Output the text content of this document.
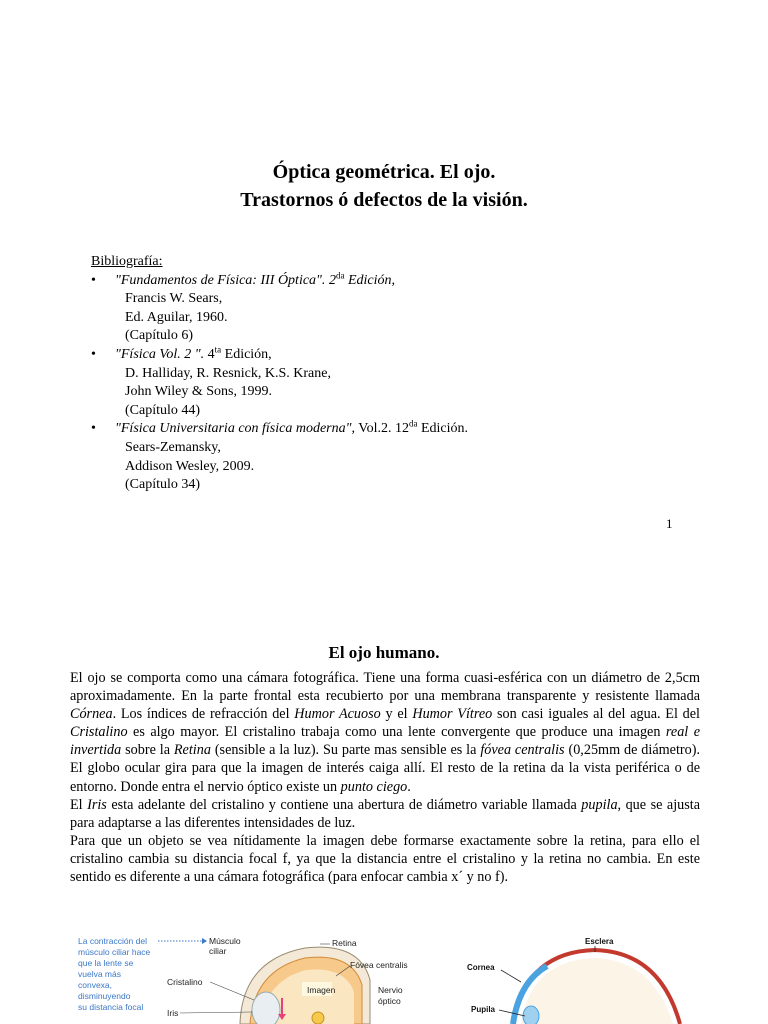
Óptica geométrica. El ojo.
Trastornos ó defectos de la visión.
Bibliografía:
•	"Fundamentos de Física: III Óptica". $2^{da}$ Edición,
Francis W. Sears,
Ed. Aguilar, 1960.
(Capítulo 6)
•	"Física Vol. 2 ". $4^{ta}$ Edición,
D. Halliday, R. Resnick, K.S. Krane,
John Wiley & Sons, 1999.
(Capítulo 44)
•	"Física Universitaria con física moderna", Vol.2. $12^{da}$ Edición.
Sears-Zemansky,
Addison Wesley, 2009.
(Capítulo 34)
1
El ojo humano.

El ojo se comporta como una cámara fotográfica. Tiene una forma cuasi-esférica con un diámetro de 2,5cm aproximadamente. En la parte frontal esta recubierto por una membrana transparente y resistente llamada Córnea. Los índices de refracción del Humor Acuoso y el Humor Vítreo son casi iguales al del agua. El del Cristalino es algo mayor. El cristalino trabaja como una lente convergente que produce una imagen real e invertida sobre la Retina (sensible a la luz). Su parte mas sensible es la fóvea centralis (0,25mm de diámetro). El globo ocular gira para que la imagen de interés caiga allí. El resto de la retina da la vista periférica o de entorno. Donde entra el nervio óptico existe un punto ciego.

El Iris esta adelante del cristalino y contiene una abertura de diámetro variable llamada pupila, que se ajusta para adaptarse a las diferentes intensidades de luz.

Para que un objeto se vea nítidamente la imagen debe formarse exactamente sobre la retina, para ello el cristalino cambia su distancia focal f, ya que la distancia entre el cristalino y la retina no cambia. En este sentido es diferente a una cámara fotográfica (para enfocar cambia x´ y no f).

La contracción del
músculo ciliar hace
que la lente se
vuelva más
convexa,
disminuyendo
su distancia focal
Músculo
ciliar
Retina
Fóvea centralis
Cristalino
Imagen	Nervio
óptico
Iris
Esclera
Cornea
Pupila
